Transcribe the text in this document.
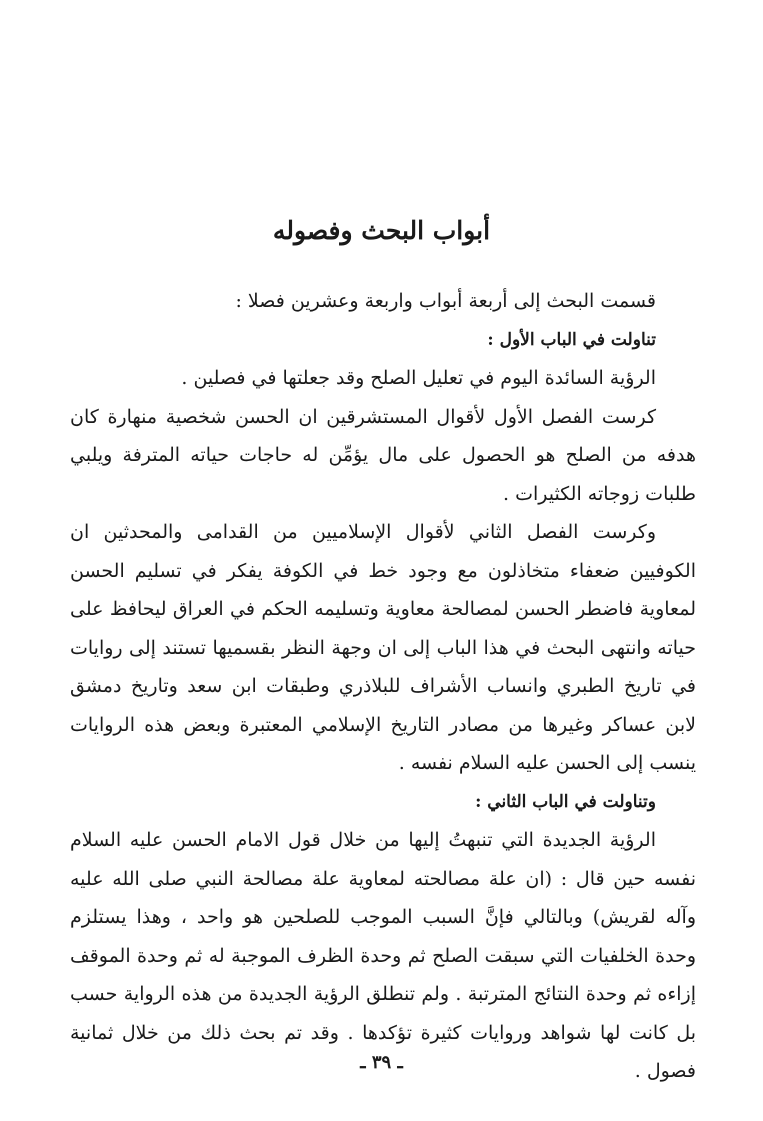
أبواب البحث وفصوله

قسمت البحث إلى أربعة أبواب واربعة وعشرين فصلا :

تناولت في الباب الأول :

الرؤية السائدة اليوم في تعليل الصلح وقد جعلتها في فصلين .

كرست الفصل الأول لأقوال المستشرقين ان الحسن شخصية منهارة كان هدفه من الصلح هو الحصول على مال يؤمِّن له حاجات حياته المترفة ويلبي طلبات زوجاته الكثيرات .

وكرست الفصل الثاني لأقوال الإسلاميين من القدامى والمحدثين ان الكوفيين ضعفاء متخاذلون مع وجود خط في الكوفة يفكر في تسليم الحسن لمعاوية فاضطر الحسن لمصالحة معاوية وتسليمه الحكم في العراق ليحافظ على حياته وانتهى البحث في هذا الباب إلى ان وجهة النظر بقسميها تستند إلى روايات في تاريخ الطبري وانساب الأشراف للبلاذري وطبقات ابن سعد وتاريخ دمشق لابن عساكر وغيرها من مصادر التاريخ الإسلامي المعتبرة وبعض هذه الروايات ينسب إلى الحسن عليه السلام نفسه .

وتناولت في الباب الثاني :

الرؤية الجديدة التي تنبهتُ إليها من خلال قول الامام الحسن عليه السلام نفسه حين قال : (ان علة مصالحته لمعاوية علة مصالحة النبي صلى الله عليه وآله لقريش) وبالتالي فإنَّ السبب الموجب للصلحين هو واحد ، وهذا يستلزم وحدة الخلفيات التي سبقت الصلح ثم وحدة الظرف الموجبة له ثم وحدة الموقف إزاءه ثم وحدة النتائج المترتبة . ولم تنطلق الرؤية الجديدة من هذه الرواية حسب بل كانت لها شواهد وروايات كثيرة تؤكدها . وقد تم بحث ذلك من خلال ثمانية فصول .

ـ ٣٩ ـ
